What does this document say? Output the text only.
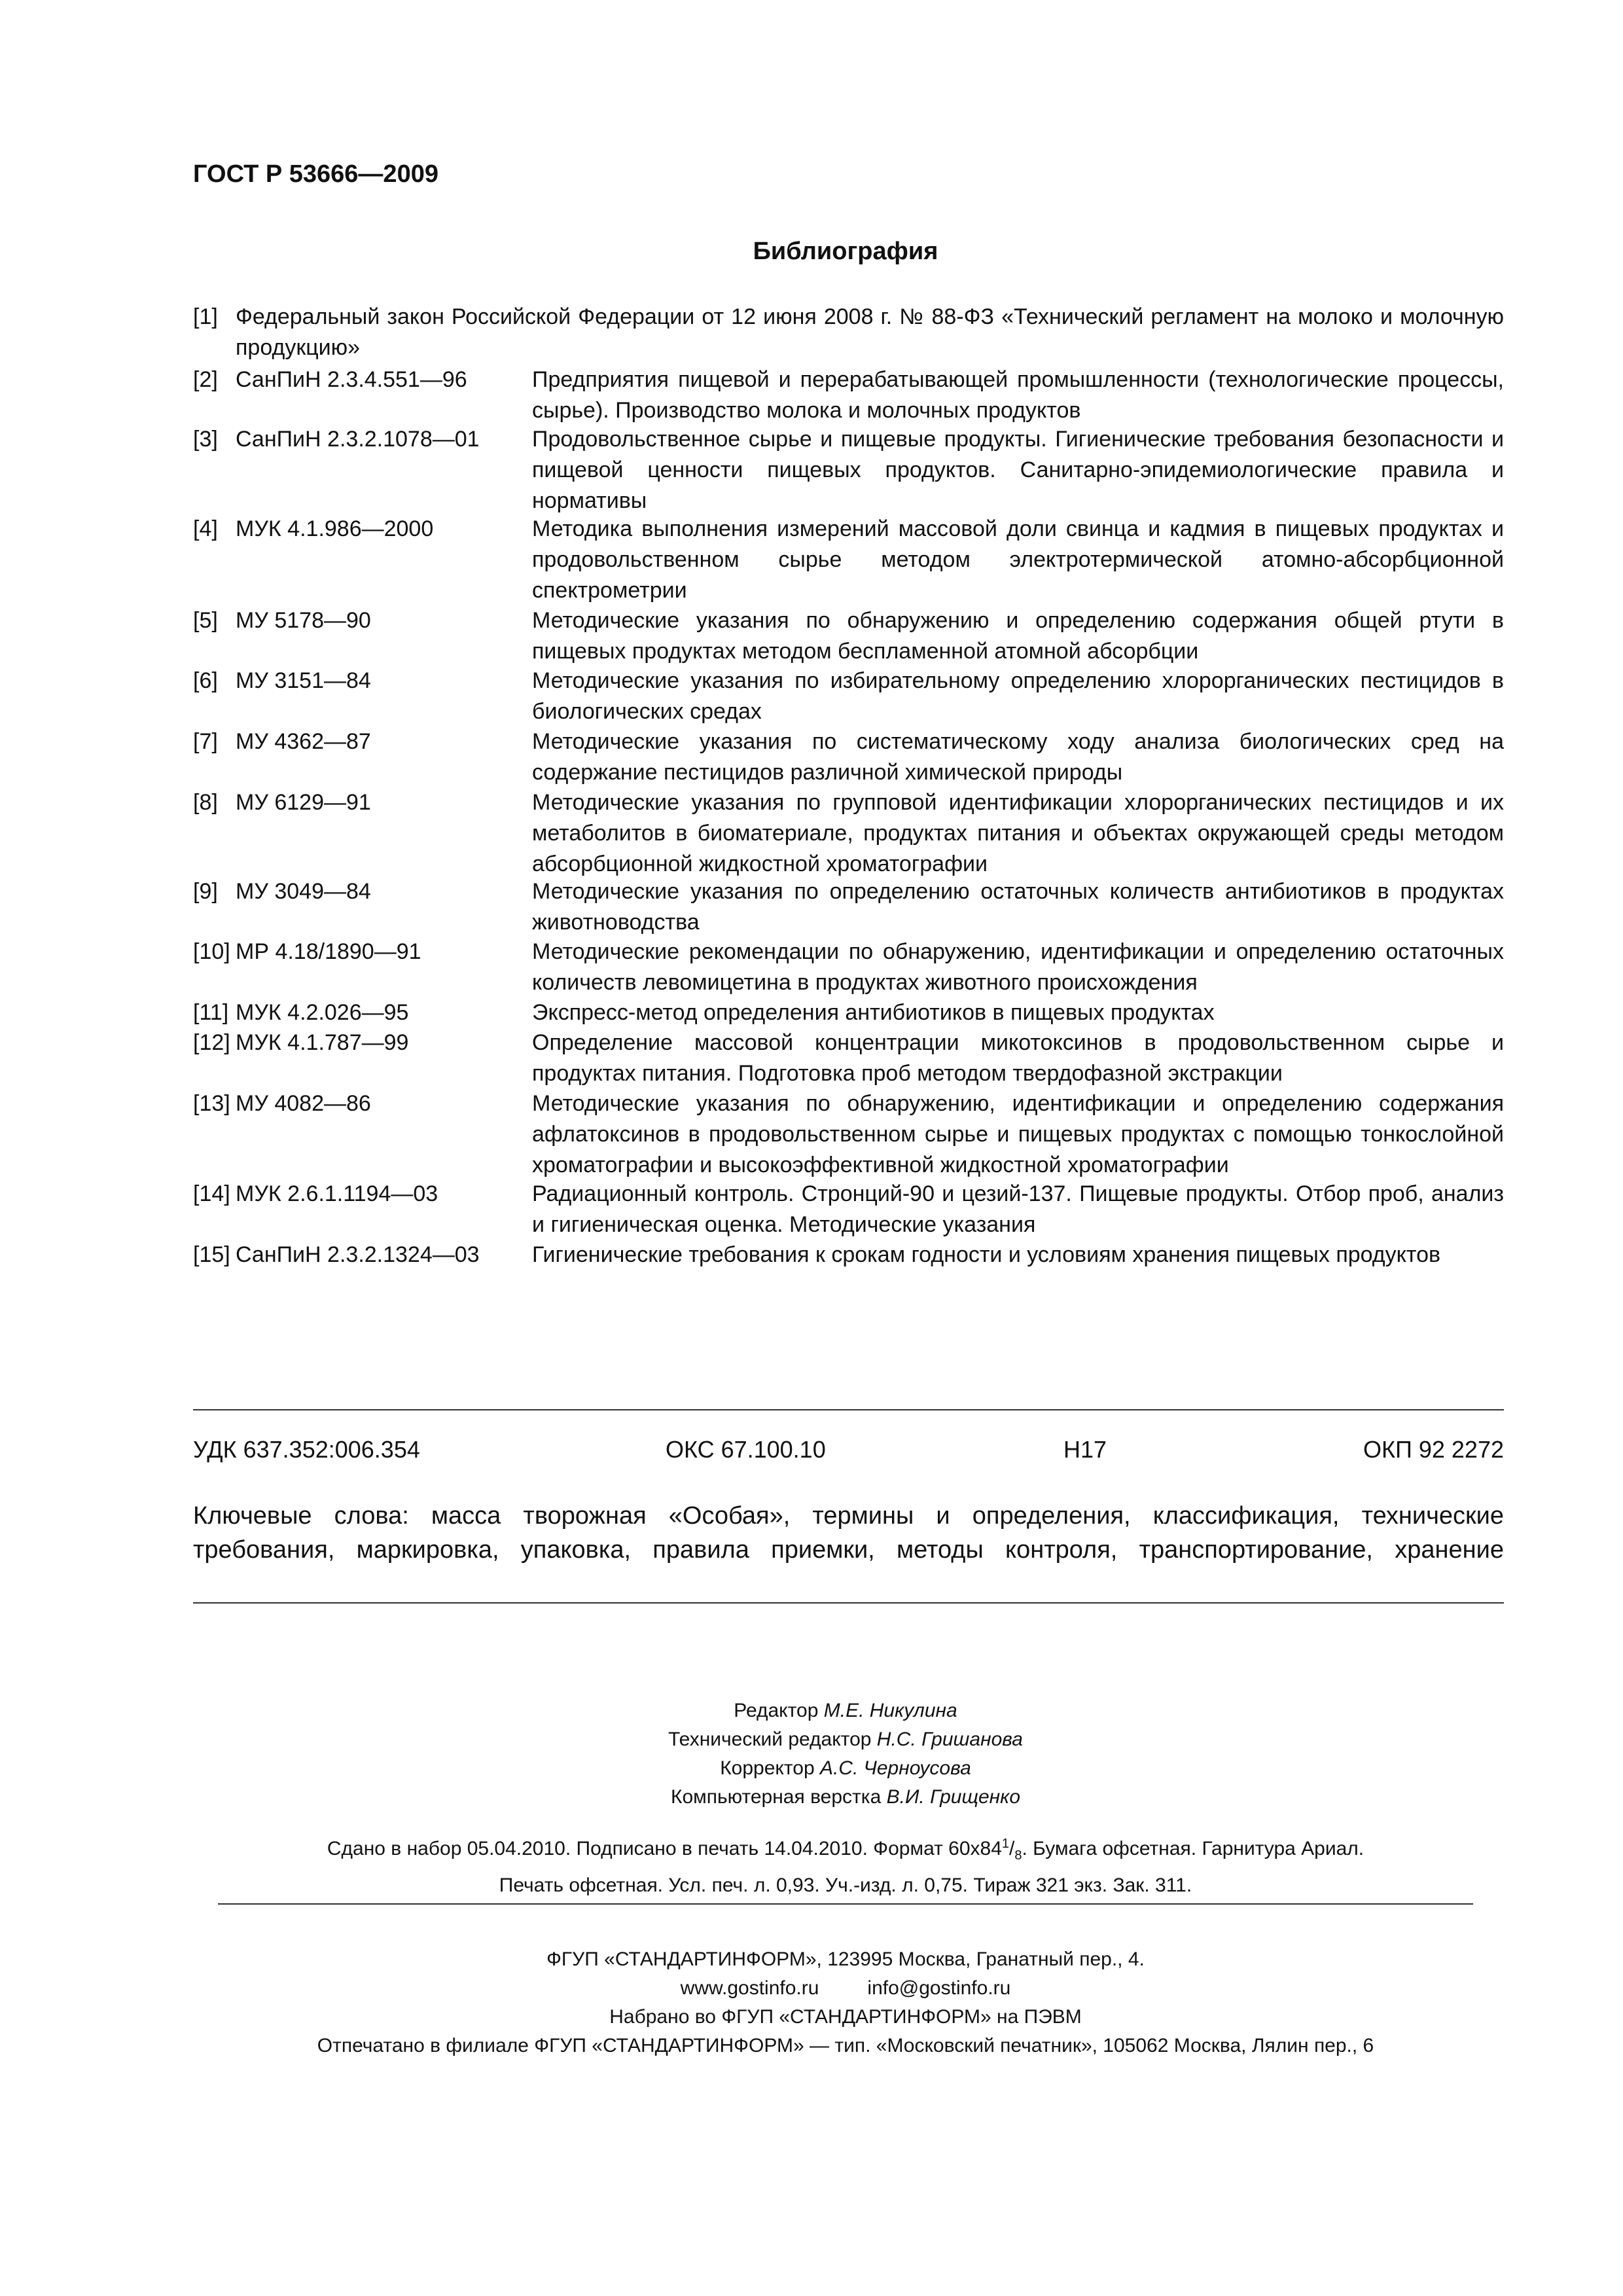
ГОСТ Р 53666—2009
Библиография
[1] Федеральный закон Российской Федерации от 12 июня 2008 г. № 88-ФЗ «Технический регламент на молоко и молочную продукцию»
[2] СанПиН 2.3.4.551—96	Предприятия пищевой и перерабатывающей промышленности (технологические процессы, сырье). Производство молока и молочных продуктов
[3] СанПиН 2.3.2.1078—01 Продовольственное сырье и пищевые продукты. Гигиенические требования безопасности и пищевой ценности пищевых продуктов. Санитарно-эпидемиологические правила и нормативы
[4] МУК 4.1.986—2000	Методика выполнения измерений массовой доли свинца и кадмия в пищевых продуктах и продовольственном сырье методом электротермической атомно-абсорбционной спектрометрии
[5] МУ 5178—90	Методические указания по обнаружению и определению содержания общей ртути в пищевых продуктах методом беспламенной атомной абсорбции
[6] МУ 3151—84	Методические указания по избирательному определению хлорорганических пестицидов в биологических средах
[7] МУ 4362—87	Методические указания по систематическому ходу анализа биологических сред на содержание пестицидов различной химической природы
[8] МУ 6129—91	Методические указания по групповой идентификации хлорорганических пестицидов и их метаболитов в биоматериале, продуктах питания и объектах окружающей среды методом абсорбционной жидкостной хроматографии
[9] МУ 3049—84	Методические указания по определению остаточных количеств антибиотиков в продуктах животноводства
[10] МР 4.18/1890—91	Методические рекомендации по обнаружению, идентификации и определению остаточных количеств левомицетина в продуктах животного происхождения
[11] МУК 4.2.026—95	Экспресс-метод определения антибиотиков в пищевых продуктах
[12] МУК 4.1.787—99	Определение массовой концентрации микотоксинов в продовольственном сырье и продуктах питания. Подготовка проб методом твердофазной экстракции
[13] МУ 4082—86	Методические указания по обнаружению, идентификации и определению содержания афлатоксинов в продовольственном сырье и пищевых продуктах с помощью тонкослойной хроматографии и высокоэффективной жидкостной хроматографии
[14] МУК 2.6.1.1194—03	Радиационный контроль. Стронций-90 и цезий-137. Пищевые продукты. Отбор проб, анализ и гигиеническая оценка. Методические указания
[15] СанПиН 2.3.2.1324—03 Гигиенические требования к срокам годности и условиям хранения пищевых продуктов
УДК 637.352:006.354	ОКС 67.100.10	Н17	ОКП 92 2272
Ключевые слова: масса творожная «Особая», термины и определения, классификация, технические требования, маркировка, упаковка, правила приемки, методы контроля, транспортирование, хранение
Редактор М.Е. Никулина
Технический редактор Н.С. Гришанова
Корректор А.С. Черноусова
Компьютерная верстка В.И. Грищенко
Сдано в набор 05.04.2010. Подписано в печать 14.04.2010. Формат $60x84^1/_8$. Бумага офсетная. Гарнитура Ариал.
Печать офсетная. Усл. печ. л. 0,93. Уч.-изд. л. 0,75. Тираж 321 экз. Зак. 311.
ФГУП «СТАНДАРТИНФОРМ», 123995 Москва, Гранатный пер., 4.
www.gostinfo.ru info@gostinfo.ru
Набрано во ФГУП «СТАНДАРТИНФОРМ» на ПЭВМ
Отпечатано в филиале ФГУП «СТАНДАРТИНФОРМ» — тип. «Московский печатник», 105062 Москва, Лялин пер., 6
